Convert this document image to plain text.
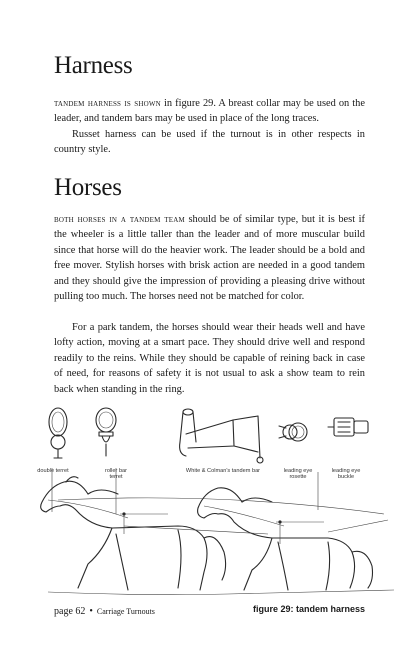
Harness

tandem harness is shown in figure 29. A breast collar may be used on the leader, and tandem bars may be used in place of the long traces.

Russet harness can be used if the turnout is in other respects in country style.

Horses

both horses in a tandem team should be of similar type, but it is best if the wheeler is a little taller than the leader and of more muscular build since that horse will do the heavier work. The leader should be a bold and free mover. Stylish horses with brisk action are needed in a good tandem and they should give the impression of providing a pleasing drive without pulling too much. The horses need not be matched for color.

For a park tandem, the horses should wear their heads well and have lofty action, moving at a smart pace. They should drive well and respond readily to the reins. While they should be capable of reining back in case of need, for reasons of safety it is not usual to ask a show team to rein back when standing in the ring.

double terret	roller bar terret
White & Colman's tandem bar	leading eye rosette
leading eye buckle
page 62 • Carriage Turnouts	figure 29: tandem harness
